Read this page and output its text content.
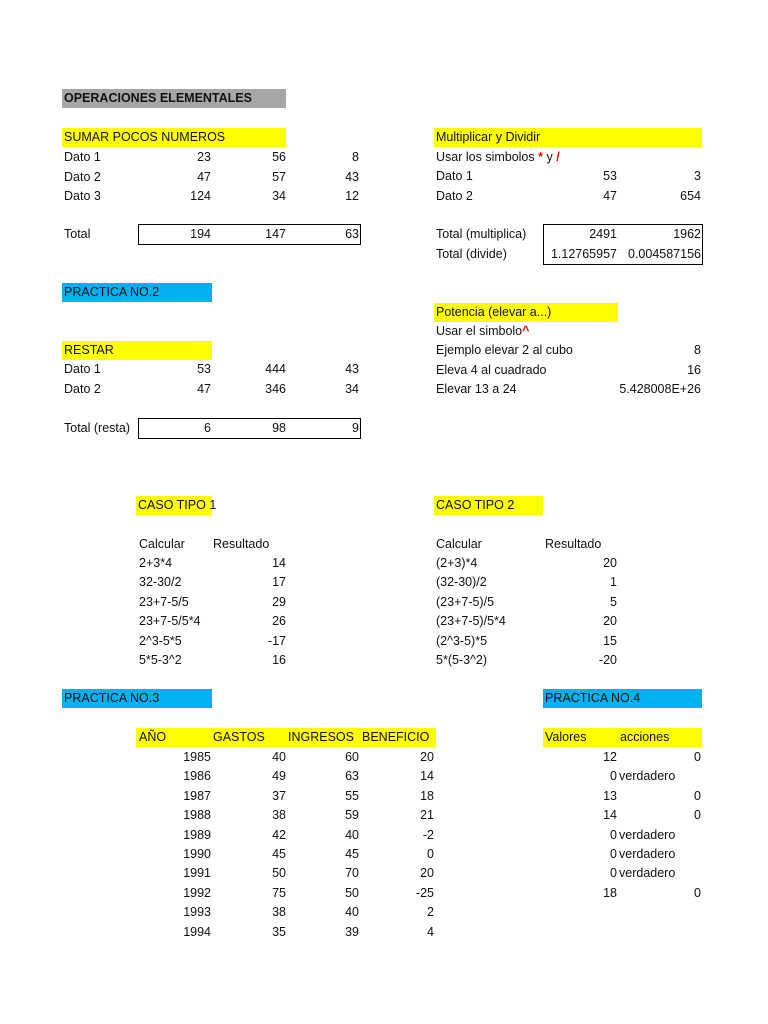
OPERACIONES ELEMENTALES
SUMAR POCOS NUMEROS
Dato 1	23	56	8
Dato 2	47	57	43
Dato 3	124	34	12
Total	194	147	63
Multiplicar y Dividir
Usar los simbolos * y /
Dato 1	53	3
Dato 2	47	654
Total (multiplica)	2491	1962
Total (divide)	1.12765957 0.004587156
PRACTICA NO.2
Potencia (elevar a...)
Usar el simbolo^
Ejemplo elevar 2 al cubo	8
Eleva 4 al cuadrado	16
Elevar 13 a 24	5.428008E+26
RESTAR
Dato 1	53	444	43
Dato 2	47	346	34
Total (resta)	6	98	9
CASO TIPO 1
Calcular Resultado
2+3*4	14
32-30/2	17
23+7-5/5	29
23+7-5/5*4	26
2^3-5*5	-17
5*5-3^2	16
CASO TIPO 2
Calcular	Resultado
(2+3)*4	20
(32-30)/2	1
(23+7-5)/5	5
(23+7-5)/5*4	20
(2^3-5)*5	15
5*(5-3^2)	-20
PRACTICA NO.3
AÑO	GASTOS INGRESOS BENEFICIO
1985	40	60	20
1986	49	63	14
1987	37	55	18
1988	38	59	21
1989	42	40	-2
1990	45	45	0
1991	50	70	20
1992	75	50	-25
1993	38	40	2
1994	35	39	4
PRACTICA NO.4
Valores	acciones
12	0
0 verdadero
13	0
14	0
0 verdadero
0 verdadero
0 verdadero
18	0
